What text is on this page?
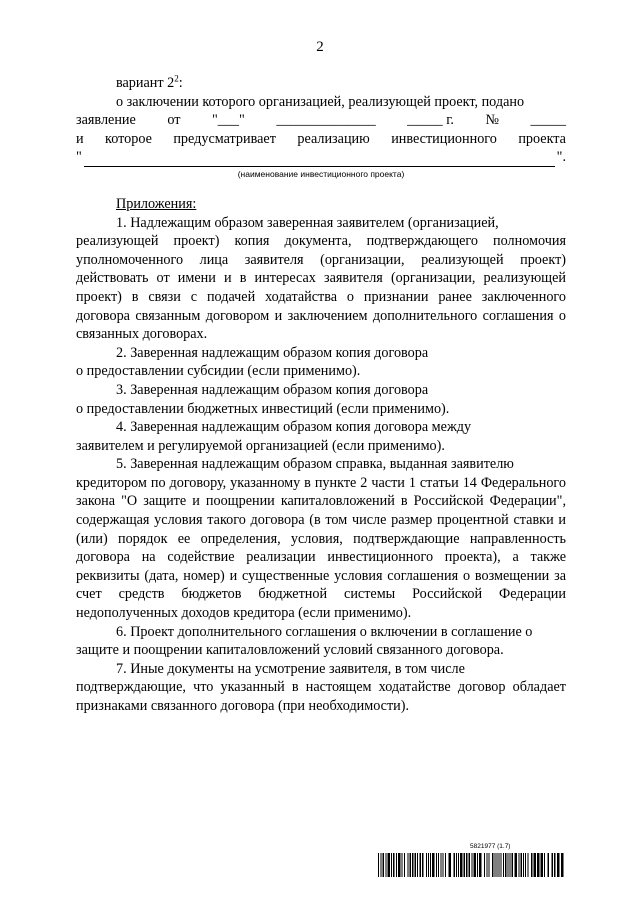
2
вариант $2^2$:
о заключении которого организацией, реализующей проект, подано
заявление от "___" ______________ _____ г. № _____
и которое предусматривает реализацию инвестиционного проекта
"	".
(наименование инвестиционного проекта)
Приложения:
1. Надлежащим образом заверенная заявителем (организацией,
реализующей проект) копия документа, подтверждающего полномочия уполномоченного лица заявителя (организации, реализующей проект) действовать от имени и в интересах заявителя (организации, реализующей проект) в связи с подачей ходатайства о признании ранее заключенного договора связанным договором и заключением дополнительного соглашения о связанных договорах.
2. Заверенная надлежащим образом копия договора
о предоставлении субсидии (если применимо).
3. Заверенная надлежащим образом копия договора
о предоставлении бюджетных инвестиций (если применимо).
4. Заверенная надлежащим образом копия договора между
заявителем и регулируемой организацией (если применимо).
5. Заверенная надлежащим образом справка, выданная заявителю
кредитором по договору, указанному в пункте 2 части 1 статьи 14 Федерального закона "О защите и поощрении капиталовложений в Российской Федерации", содержащая условия такого договора (в том числе размер процентной ставки и (или) порядок ее определения, условия, подтверждающие направленность договора на содействие реализации инвестиционного проекта), а также реквизиты (дата, номер) и существенные условия соглашения о возмещении за счет средств бюджетов бюджетной системы Российской Федерации недополученных доходов кредитора (если применимо).
6. Проект дополнительного соглашения о включении в соглашение о
защите и поощрении капиталовложений условий связанного договора.
7. Иные документы на усмотрение заявителя, в том числе
подтверждающие, что указанный в настоящем ходатайстве договор обладает признаками связанного договора (при необходимости).
5821977 (1.7)
